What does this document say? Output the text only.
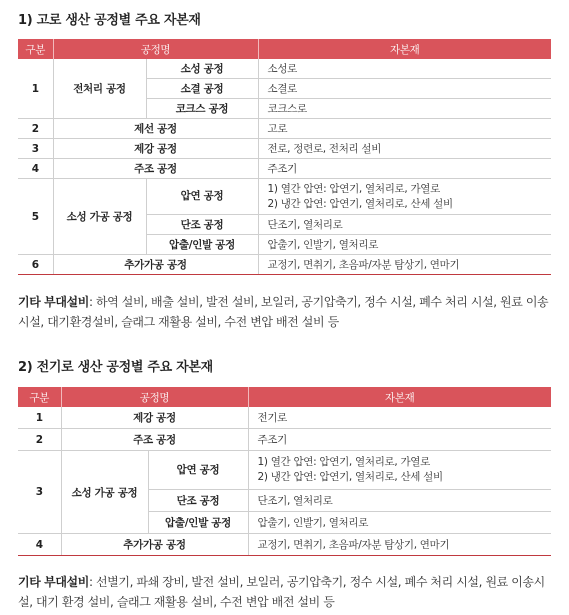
1) 고로 생산 공정별 주요 자본재
구분	공정명		자본재
1	전처리 공정	소성 공정	소성로
		소결 공정	소결로
		코크스 공정	코크스로
2	제선 공정		고로
3	제강 공정		전로, 정련로, 전처리 설비
4	주조 공정		주조기
5	소성 가공 공정	압연 공정	1) 열간 압연: 압연기, 열처리로, 가열로
2) 냉간 압연: 압연기, 열처리로, 산세 설비

		단조 공정	단조기, 열처리로
		압출/인발 공정	압출기, 인발기, 열처리로
6	추가가공 공정		교정기, 면취기, 초음파/자분 탐상기, 연마기
기타 부대설비: 하역 설비, 배출 설비, 발전 설비, 보일러, 공기압축기, 정수 시설, 폐수 처리 시설, 원료 이송 시설, 대기환경설비, 슬래그 재활용 설비, 수전 변압 배전 설비 등
2) 전기로 생산 공정별 주요 자본재
구분	공정명		자본재
1	제강 공정		전기로
2	주조 공정		주조기
3	소성 가공 공정	압연 공정	1) 열간 압연: 압연기, 열처리로, 가열로
2) 냉간 압연: 압연기, 열처리로, 산세 설비

		단조 공정	단조기, 열처리로
		압출/인발 공정	압출기, 인발기, 열처리로
4	추가가공 공정		교정기, 면취기, 초음파/자분 탐상기, 연마기
기타 부대설비: 선별기, 파쇄 장비, 발전 설비, 보일러, 공기압축기, 정수 시설, 폐수 처리 시설, 원료 이송시설, 대기 환경 설비, 슬래그 재활용 설비, 수전 변압 배전 설비 등
